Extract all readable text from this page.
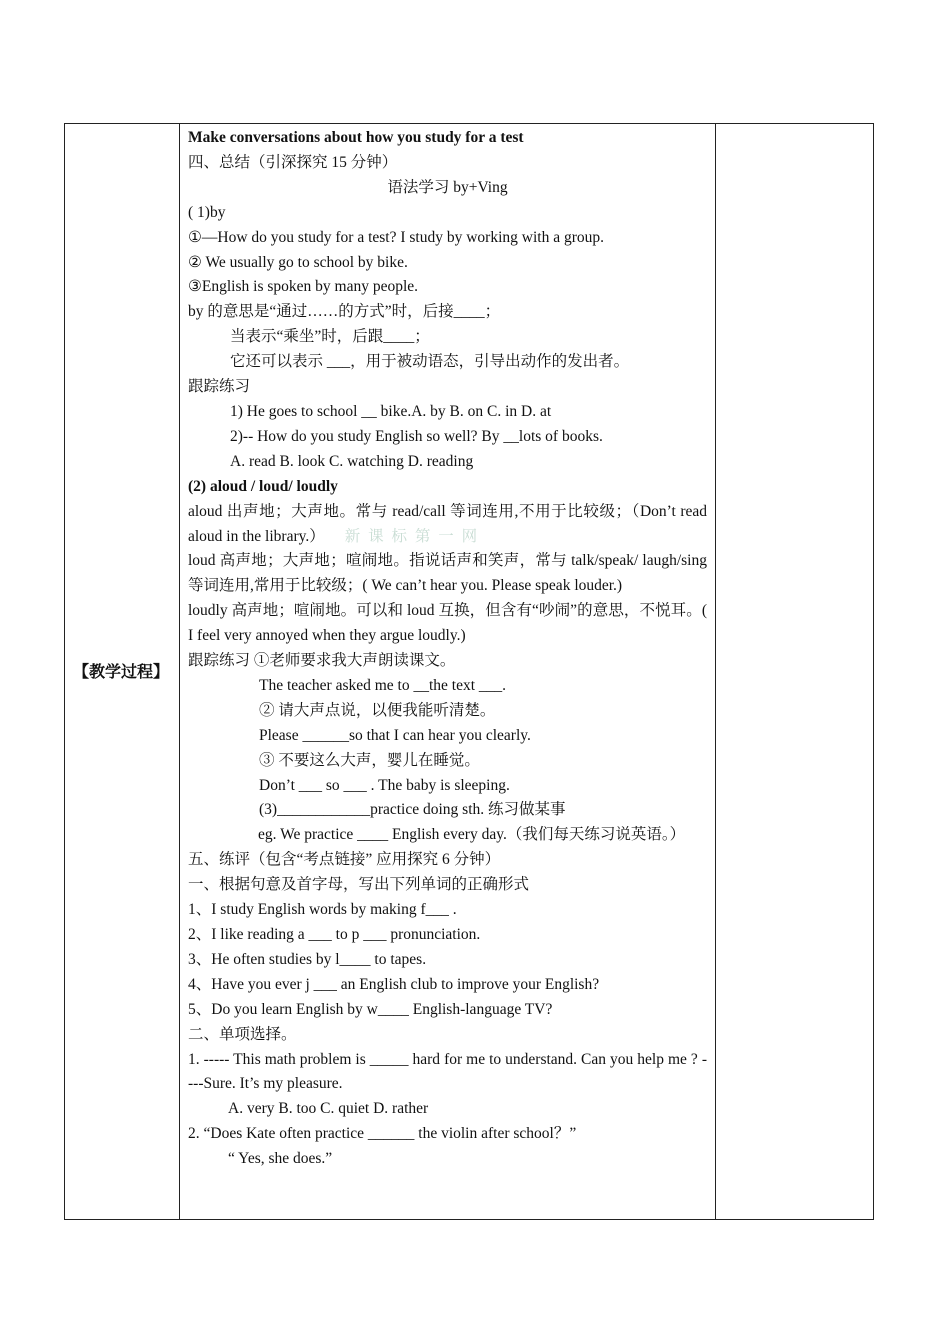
【教学过程】

Make conversations about how you study for a test
四、总结（引深探究 15 分钟）
语法学习 by+Ving
( 1)by
①—How do you study for a test? I study by working with a group.
② We usually go to school by bike.
③English is spoken by many people.
by 的意思是“通过……的方式”时，后接____；
当表示“乘坐”时，后跟____；
它还可以表示 ___，用于被动语态，引导出动作的发出者。
跟踪练习
1) He goes to school __ bike.A. by B. on C. in D. at
2)-- How do you study English so well? By __lots of books.
A. read B. look C. watching D. reading
(2) aloud / loud/ loudly
aloud 出声地；大声地。常与 read/call 等词连用,不用于比较级；（Don’t read aloud in the library.） 新 课 标 第 一 网
loud 高声地；大声地；喧闹地。指说话声和笑声，常与 talk/speak/ laugh/sing 等词连用,常用于比较级；( We can’t hear you. Please speak louder.)
loudly 高声地；喧闹地。可以和 loud 互换，但含有“吵闹”的意思，不悦耳。( I feel very annoyed when they argue loudly.)
跟踪练习 ①老师要求我大声朗读课文。
The teacher asked me to __the text ___.
② 请大声点说，以便我能听清楚。
Please ______so that I can hear you clearly.
③ 不要这么大声，婴儿在睡觉。
Don’t ___ so ___ . The baby is sleeping.
(3)____________practice doing sth. 练习做某事
eg. We practice ____ English every day.（我们每天练习说英语。）
五、练评（包含“考点链接” 应用探究 6 分钟）
一、根据句意及首字母，写出下列单词的正确形式
1、I study English words by making f___ .
2、I like reading a ___ to p ___ pronunciation.
3、He often studies by l____ to tapes.
4、Have you ever j ___ an English club to improve your English?
5、Do you learn English by w____ English-language TV?
二、单项选择。
1. ----- This math problem is _____ hard for me to understand. Can you help me ? ----Sure. It’s my pleasure.
A. very B. too C. quiet D. rather
2. “Does Kate often practice ______ the violin after school？”
“ Yes, she does.”
